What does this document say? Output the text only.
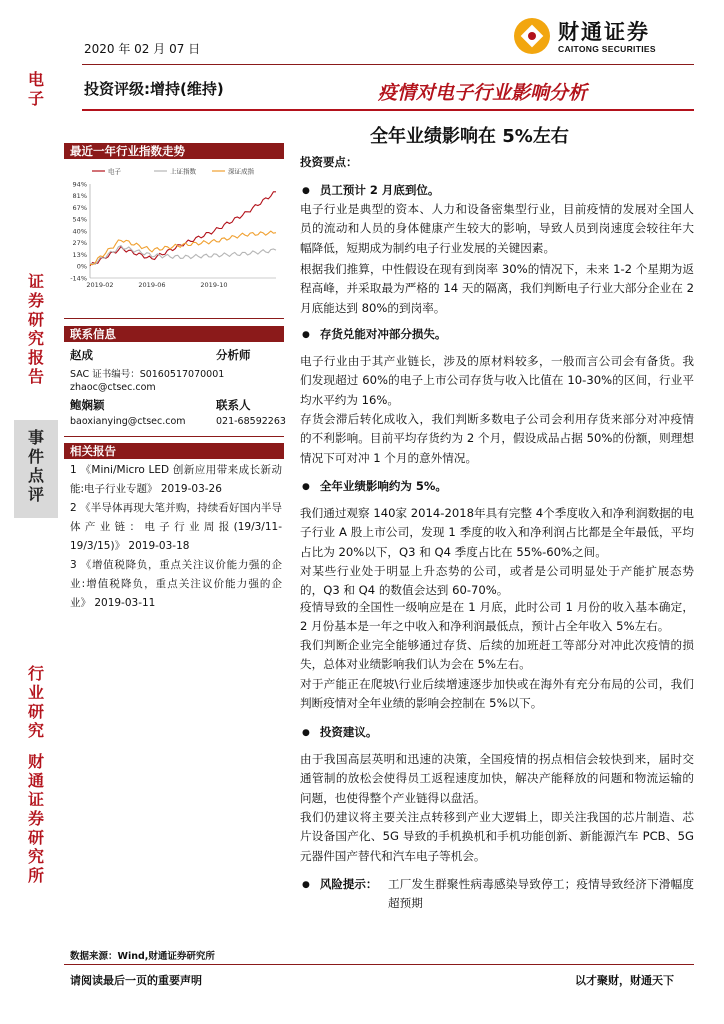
2020 年 02 月 07 日
财通证券
CAITONG SECURITIES
投资评级:增持(维持)	疫情对电子行业影响分析
全年业绩影响在 5%左右
电
子
证
券
研
究
报
告
事
件
点
评
行
业
研
究
财
通
证
券
研
究
所
最近一年行业指数走势
94%
81%
67%
54%
40%
27%
13%
0%
-14%
2019-02	2019-06	2019-10
电子	上证指数	深证成指
联系信息
赵成	分析师
SAC 证书编号：S0160517070001
zhaoc@ctsec.com
鲍娴颖	联系人
baoxianying@ctsec.com	021-68592263
相关报告
1 《Mini/Micro LED 创新应用带来成长新动能:电子行业专题》 2019-03-26
2 《半导体再现大笔并购，持续看好国内半导体产业链：电子行业周报(19/3/11-19/3/15)》 2019-03-18
3 《增值税降负，重点关注议价能力强的企业:增值税降负，重点关注议价能力强的企业》 2019-03-11
投资要点：
● 员工预计 2 月底到位。
电子行业是典型的资本、人力和设备密集型行业，目前疫情的发展对全国人员的流动和人员的身体健康产生较大的影响，导致人员到岗速度会较往年大幅降低，短期成为制约电子行业发展的关键因素。
根据我们推算，中性假设在现有到岗率 30%的情况下，未来 1-2 个星期为返程高峰，并采取最为严格的 14 天的隔离，我们判断电子行业大部分企业在 2 月底能达到 80%的到岗率。
● 存货兑能对冲部分损失。
电子行业由于其产业链长，涉及的原材料较多，一般而言公司会有备货。我们发现超过 60%的电子上市公司存货与收入比值在 10-30%的区间，行业平均水平约为 16%。
存货会滞后转化成收入，我们判断多数电子公司会利用存货来部分对冲疫情的不利影响。目前平均存货约为 2 个月，假设成品占据 50%的份额，则理想情况下可对冲 1 个月的意外情况。
● 全年业绩影响约为 5%。
我们通过观察 140家 2014-2018年具有完整 4个季度收入和净利润数据的电子行业 A 股上市公司，发现 1 季度的收入和净利润占比都是全年最低，平均占比为 20%以下，Q3 和 Q4 季度占比在 55%-60%之间。
对某些行业处于明显上升态势的公司，或者是公司明显处于产能扩展态势的，Q3 和 Q4 的数值会达到 60-70%。
疫情导致的全国性一级响应是在 1 月底，此时公司 1 月份的收入基本确定，2 月份基本是一年之中收入和净利润最低点，预计占全年收入 5%左右。
我们判断企业完全能够通过存货、后续的加班赶工等部分对冲此次疫情的损失，总体对业绩影响我们认为会在 5%左右。
对于产能正在爬坡\行业后续增速逐步加快或在海外有充分布局的公司，我们判断疫情对全年业绩的影响会控制在 5%以下。
● 投资建议。
由于我国高层英明和迅速的决策，全国疫情的拐点相信会较快到来，届时交通管制的放松会使得员工返程速度加快，解决产能释放的问题和物流运输的问题，也使得整个产业链得以盘活。
我们仍建议将主要关注点转移到产业大逻辑上，即关注我国的芯片制造、芯片设备国产化、5G 导致的手机换机和手机功能创新、新能源汽车 PCB、5G 元器件国产替代和汽车电子等机会。
● 风险提示： 工厂发生群聚性病毒感染导致停工；疫情导致经济下滑幅度超预期
数据来源：Wind,财通证券研究所
请阅读最后一页的重要声明	以才聚财，财通天下
